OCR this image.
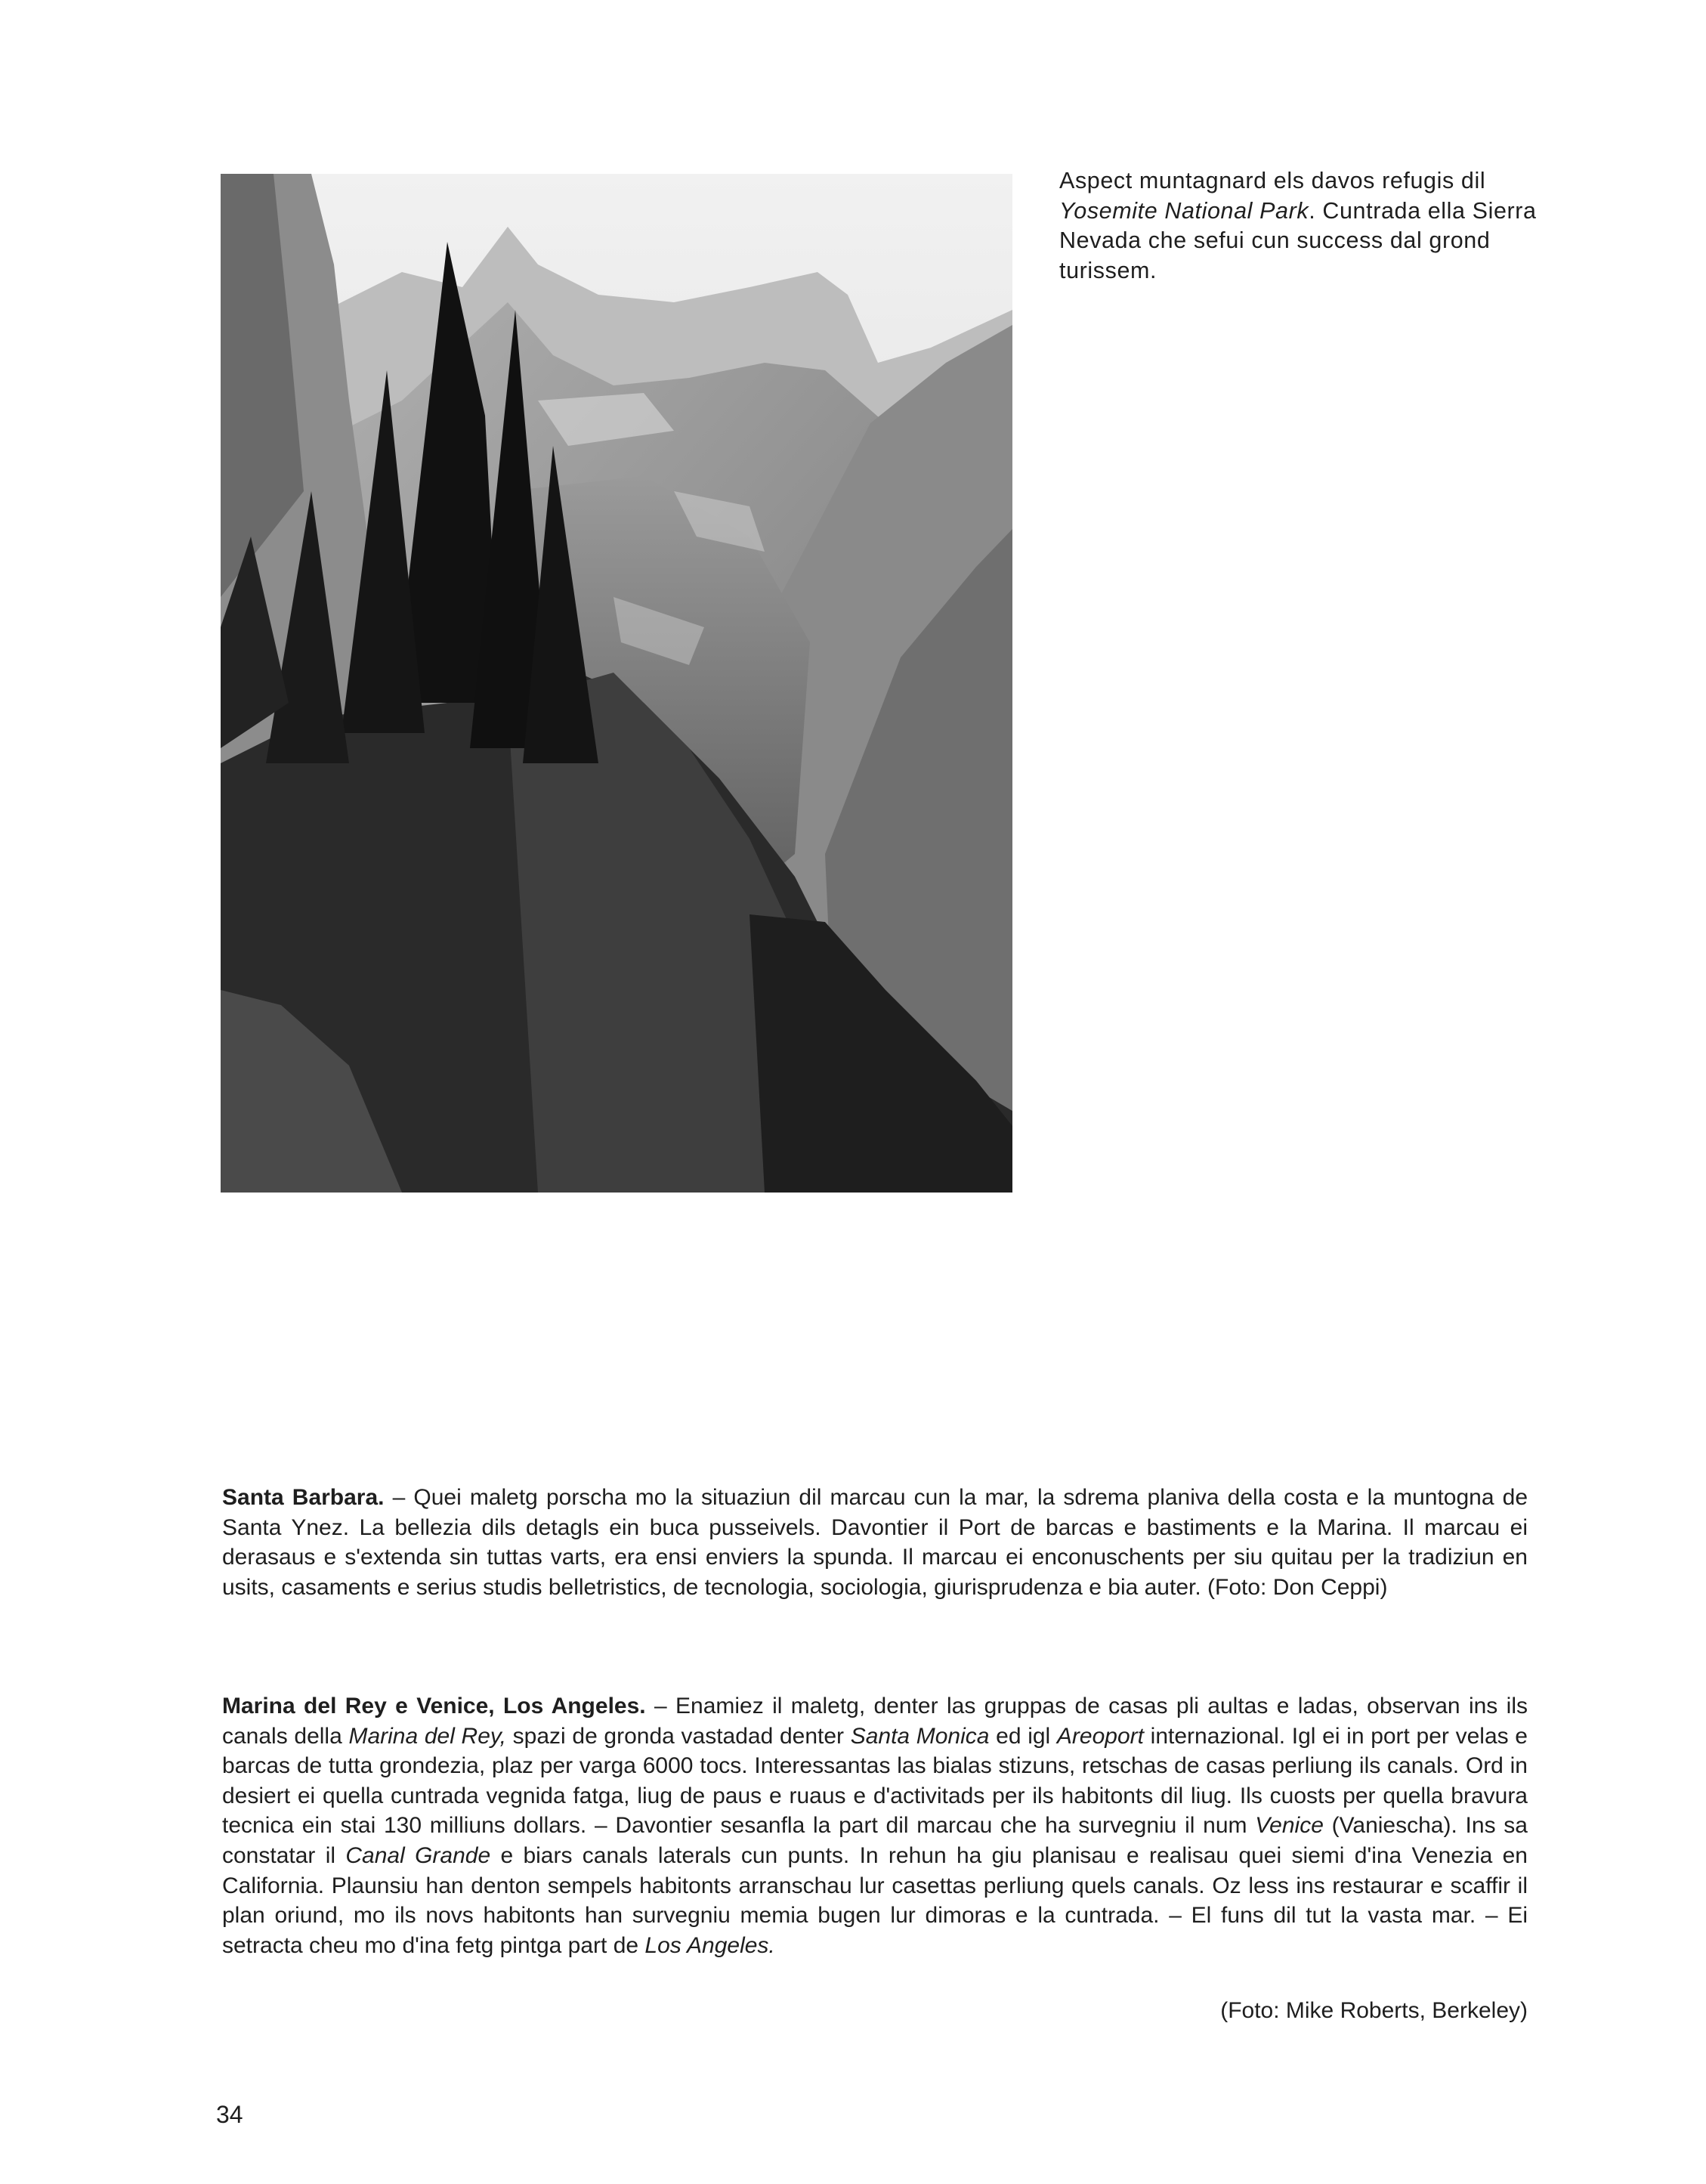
Aspect muntagnard els davos refugis dil Yosemite National Park. Cuntrada ella Sierra Nevada che sefui cun success dal grond turissem.

Santa Barbara. – Quei maletg porscha mo la situaziun dil marcau cun la mar, la sdrema planiva della costa e la muntogna de Santa Ynez. La bellezia dils detagls ein buca pusseivels. Davontier il Port de barcas e bastiments e la Marina. Il marcau ei derasaus e s'extenda sin tuttas varts, era ensi enviers la spunda. Il marcau ei enconuschents per siu quitau per la tradiziun en usits, casaments e serius studis belletristics, de tecnologia, sociologia, giurisprudenza e bia auter. (Foto: Don Ceppi)

Marina del Rey e Venice, Los Angeles. – Enamiez il maletg, denter las gruppas de casas pli aultas e ladas, observan ins ils canals della Marina del Rey, spazi de gronda vastadad denter Santa Monica ed igl Areoport internazional. Igl ei in port per velas e barcas de tutta grondezia, plaz per varga 6000 tocs. Interessantas las bialas stizuns, retschas de casas perliung ils canals. Ord in desiert ei quella cuntrada vegnida fatga, liug de paus e ruaus e d'activitads per ils habitonts dil liug. Ils cuosts per quella bravura tecnica ein stai 130 milliuns dollars. – Davontier sesanfla la part dil marcau che ha survegniu il num Venice (Vaniescha). Ins sa constatar il Canal Grande e biars canals laterals cun punts. In rehun ha giu planisau e realisau quei siemi d'ina Venezia en California. Plaunsiu han denton sempels habitonts arranschau lur casettas perliung quels canals. Oz less ins restaurar e scaffir il plan oriund, mo ils novs habitonts han survegniu memia bugen lur dimoras e la cuntrada. – El funs dil tut la vasta mar. – Ei setracta cheu mo d'ina fetg pintga part de Los Angeles.

(Foto: Mike Roberts, Berkeley)
34
